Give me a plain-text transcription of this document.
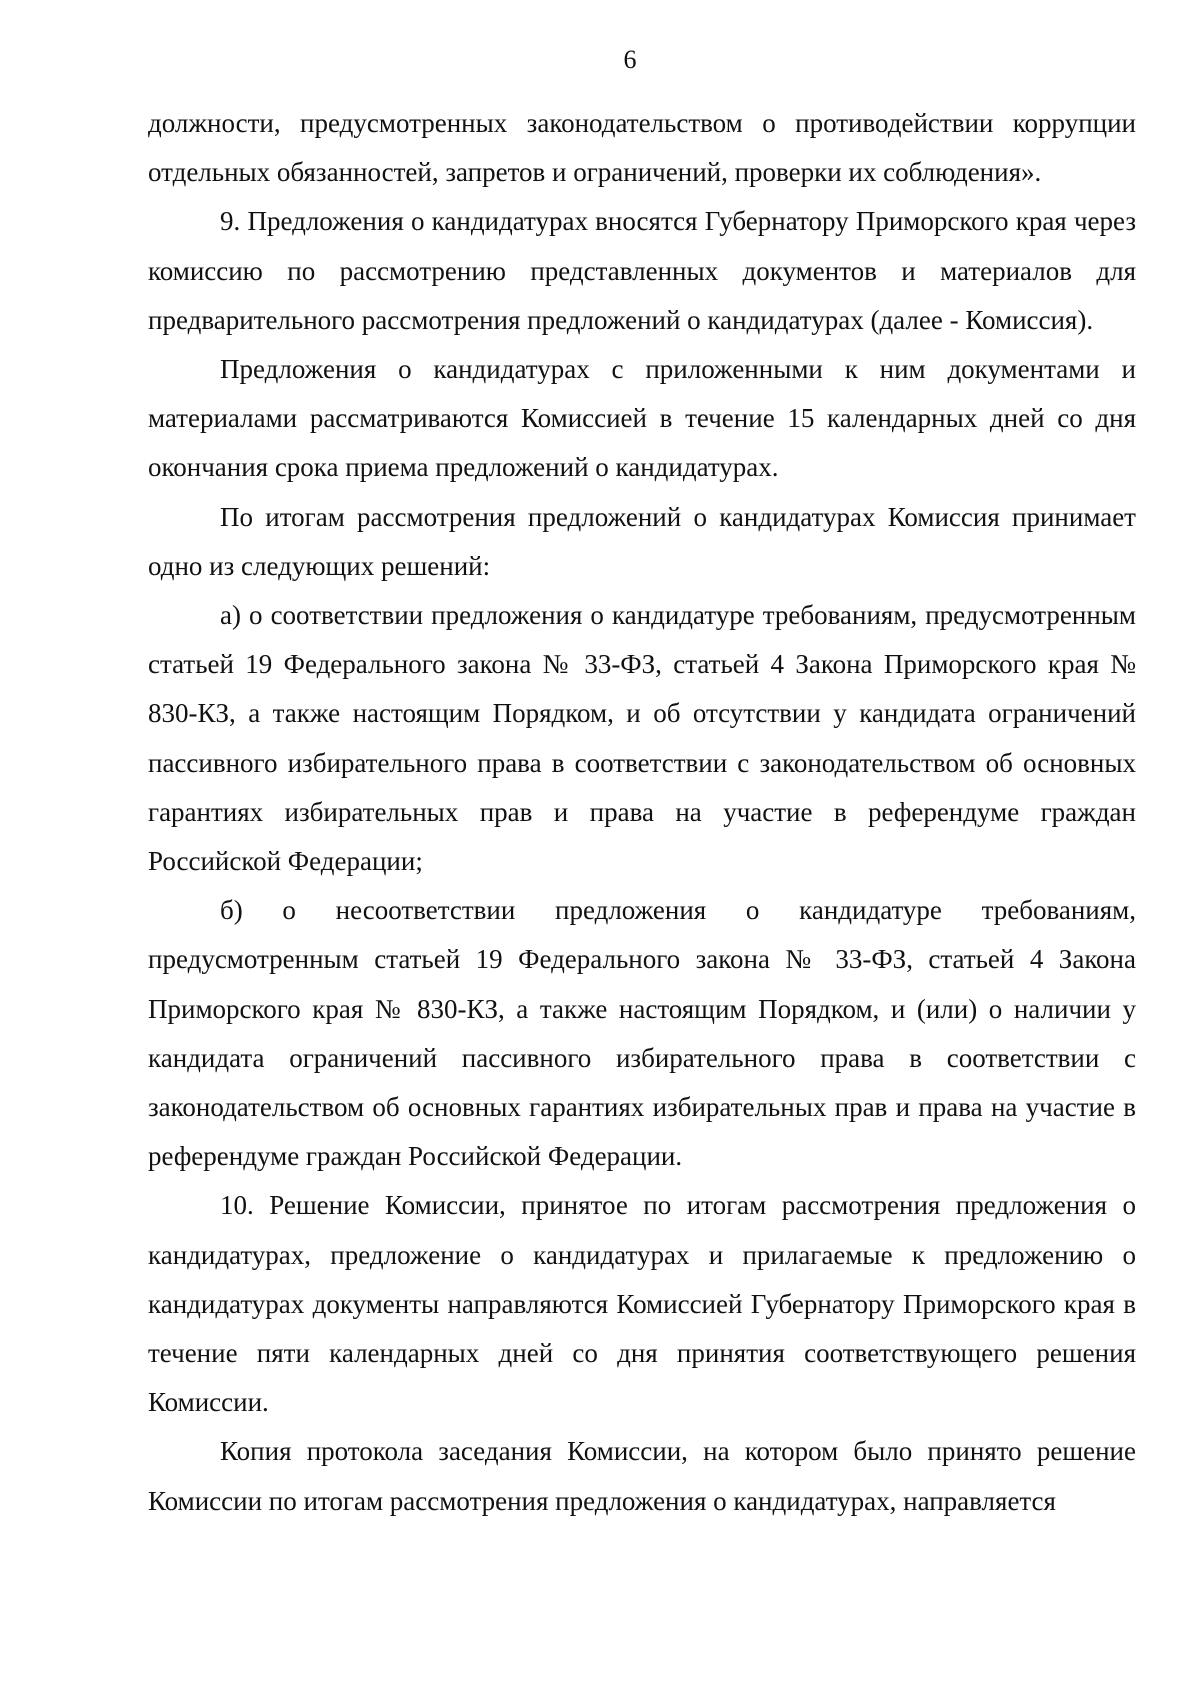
6

должности, предусмотренных законодательством о противодействии коррупции отдельных обязанностей, запретов и ограничений, проверки их соблюдения».

9. Предложения о кандидатурах вносятся Губернатору Приморского края через комиссию по рассмотрению представленных документов и материалов для предварительного рассмотрения предложений о кандидатурах (далее - Комиссия).

Предложения о кандидатурах с приложенными к ним документами и материалами рассматриваются Комиссией в течение 15 календарных дней со дня окончания срока приема предложений о кандидатурах.

По итогам рассмотрения предложений о кандидатурах Комиссия принимает одно из следующих решений:

а) о соответствии предложения о кандидатуре требованиям, предусмотренным статьей 19 Федерального закона № 33-ФЗ, статьей 4 Закона Приморского края № 830-КЗ, а также настоящим Порядком, и об отсутствии у кандидата ограничений пассивного избирательного права в соответствии с законодательством об основных гарантиях избирательных прав и права на участие в референдуме граждан Российской Федерации;

б) о несоответствии предложения о кандидатуре требованиям, предусмотренным статьей 19 Федерального закона № 33-ФЗ, статьей 4 Закона Приморского края № 830-КЗ, а также настоящим Порядком, и (или) о наличии у кандидата ограничений пассивного избирательного права в соответствии с законодательством об основных гарантиях избирательных прав и права на участие в референдуме граждан Российской Федерации.

10. Решение Комиссии, принятое по итогам рассмотрения предложения о кандидатурах, предложение о кандидатурах и прилагаемые к предложению о кандидатурах документы направляются Комиссией Губернатору Приморского края в течение пяти календарных дней со дня принятия соответствующего решения Комиссии.

Копия протокола заседания Комиссии, на котором было принято решение Комиссии по итогам рассмотрения предложения о кандидатурах, направляется
